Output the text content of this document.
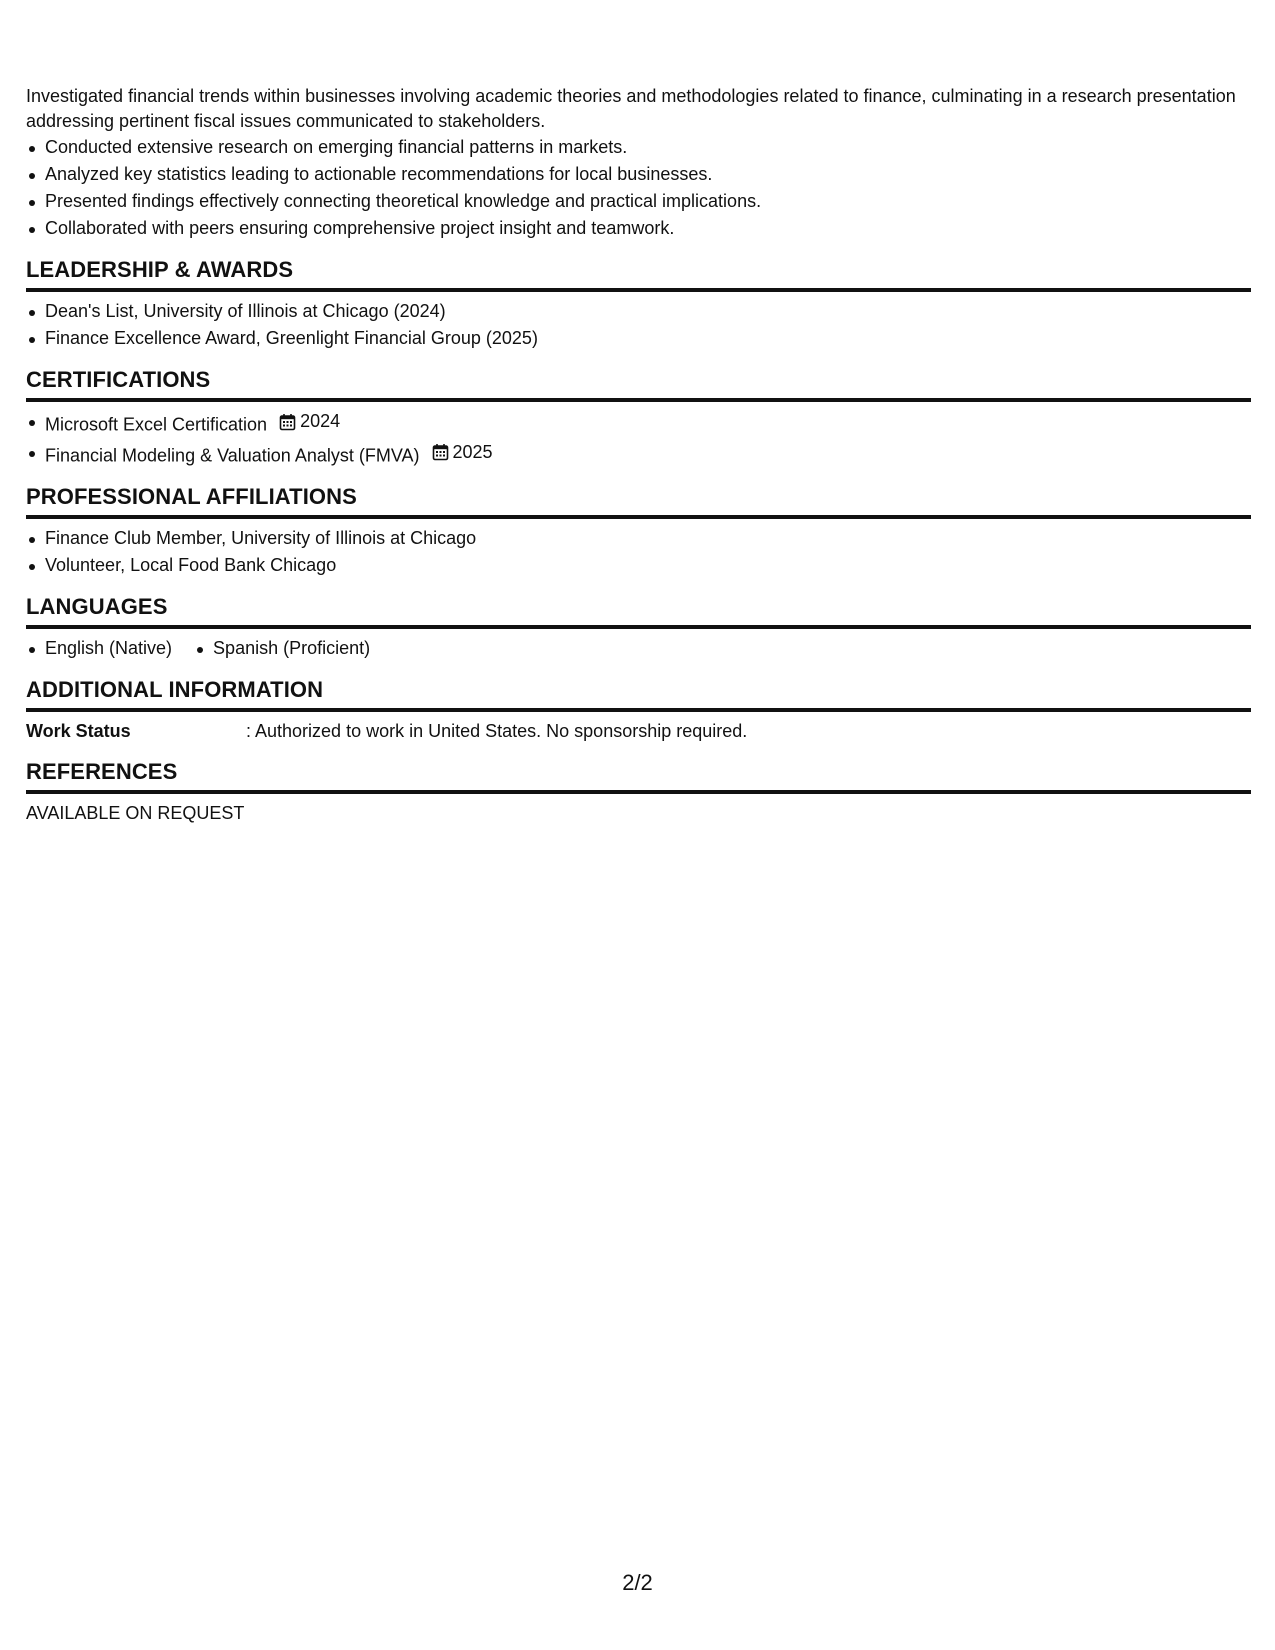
Investigated financial trends within businesses involving academic theories and methodologies related to finance, culminating in a research presentation addressing pertinent fiscal issues communicated to stakeholders.

Conducted extensive research on emerging financial patterns in markets.
Analyzed key statistics leading to actionable recommendations for local businesses.
Presented findings effectively connecting theoretical knowledge and practical implications.
Collaborated with peers ensuring comprehensive project insight and teamwork.
LEADERSHIP & AWARDS
Dean's List, University of Illinois at Chicago (2024)
Finance Excellence Award, Greenlight Financial Group (2025)
CERTIFICATIONS
Microsoft Excel Certification 2024
Financial Modeling & Valuation Analyst (FMVA) 2025
PROFESSIONAL AFFILIATIONS
Finance Club Member, University of Illinois at Chicago
Volunteer, Local Food Bank Chicago
LANGUAGES
English (Native)	Spanish (Proficient)
ADDITIONAL INFORMATION
Work Status	: Authorized to work in United States. No sponsorship required.
REFERENCES

AVAILABLE ON REQUEST

2/2
